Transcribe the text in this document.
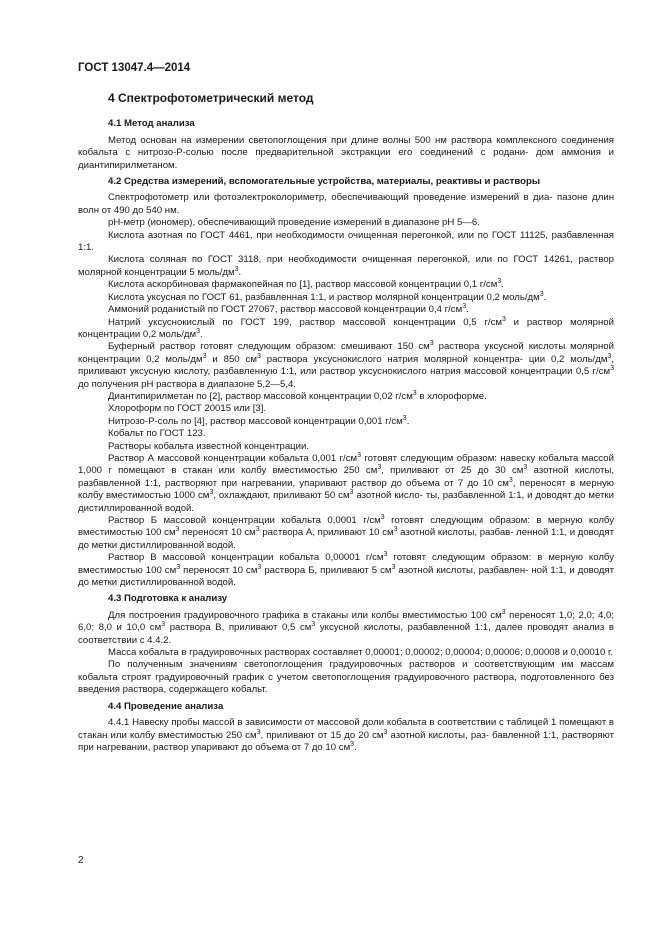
ГОСТ 13047.4—2014
4 Спектрофотометрический метод
4.1 Метод анализа

Метод основан на измерении светопоглощения при длине волны 500 нм раствора комплексного соединения кобальта с нитрозо-Р-солью после предварительной экстракции его соединений с родани- дом аммония и диантипирилметаном.

4.2 Средства измерений, вспомогательные устройства, материалы, реактивы и растворы

Спектрофотометр или фотоэлектроколориметр, обеспечивающий проведение измерений в диа- пазоне длин волн от 490 до 540 нм.

pH-метр (иономер), обеспечивающий проведение измерений в диапазоне pH 5—6.

Кислота азотная по ГОСТ 4461, при необходимости очищенная перегонкой, или по ГОСТ 11125, разбавленная 1:1.

Кислота соляная по ГОСТ 3118, при необходимости очищенная перегонкой, или по ГОСТ 14261, раствор молярной концентрации 5 моль/$дм^3$.

Кислота аскорбиновая фармакопейная по [1], раствор массовой концентрации 0,1 $г/см^3$.

Кислота уксусная по ГОСТ 61, разбавленная 1:1, и раствор молярной концентрации 0,2 моль/$дм^3$.

Аммоний роданистый по ГОСТ 27067, раствор массовой концентрации 0,4 $г/см^3$.

Натрий уксуснокислый по ГОСТ 199, раствор массовой концентрации 0,5 $г/см^3$ и раствор молярной концентрации 0,2 моль/$дм^3$.

Буферный раствор готовят следующим образом: смешивают 150 $см^3$ раствора уксусной кислоты молярной концентрации 0,2 моль/$дм^3$ и 850 $см^3$ раствора уксуснокислого натрия молярной концентра- ции 0,2 моль/$дм^3$, приливают уксусную кислоту, разбавленную 1:1, или раствор уксуснокислого натрия массовой концентрации 0,5 $г/см^3$ до получения pH раствора в диапазоне 5,2—5,4.

Диантипирилметан по [2], раствор массовой концентрации 0,02 $г/см^3$ в хлороформе.

Хлороформ по ГОСТ 20015 или [3].

Нитрозо-Р-соль по [4], раствор массовой концентрации 0,001 $г/см^3$.

Кобальт по ГОСТ 123.

Растворы кобальта известной концентрации.

Раствор А массовой концентрации кобальта 0,001 $г/см^3$ готовят следующим образом: навеску кобальта массой 1,000 г помещают в стакан или колбу вместимостью 250 $см^3$, приливают от 25 до 30 $см^3$ азотной кислоты, разбавленной 1:1, растворяют при нагревании, упаривают раствор до объема от 7 до 10 $см^3$, переносят в мерную колбу вместимостью 1000 $см^3$, охлаждают, приливают 50 $см^3$ азотной кисло- ты, разбавленной 1:1, и доводят до метки дистиллированной водой.

Раствор Б массовой концентрации кобальта 0,0001 $г/см^3$ готовят следующим образом: в мерную колбу вместимостью 100 $см^3$ переносят 10 $см^3$ раствора А, приливают 10 $см^3$ азотной кислоты, разбав- ленной 1:1, и доводят до метки дистиллированной водой.

Раствор В массовой концентрации кобальта 0,00001 $г/см^3$ готовят следующим образом: в мерную колбу вместимостью 100 $см^3$ переносят 10 $см^3$ раствора Б, приливают 5 $см^3$ азотной кислоты, разбавлен- ной 1:1, и доводят до метки дистиллированной водой.

4.3 Подготовка к анализу

Для построения градуировочного графика в стаканы или колбы вместимостью 100 $см^3$ переносят 1,0; 2,0; 4,0; 6,0; 8,0 и 10,0 $см^3$ раствора В, приливают 0,5 $см^3$ уксусной кислоты, разбавленной 1:1, далее проводят анализ в соответствии с 4.4.2.

Масса кобальта в градуировочных растворах составляет 0,00001; 0,00002; 0,00004; 0,00006; 0,00008 и 0,00010 г.

По полученным значениям светопоглощения градуировочных растворов и соответствующим им массам кобальта строят градуировочный график с учетом светопоглощения градуировочного раствора, подготовленного без введения раствора, содержащего кобальт.

4.4 Проведение анализа

4.4.1 Навеску пробы массой в зависимости от массовой доли кобальта в соответствии с таблицей 1 помещают в стакан или колбу вместимостью 250 $см^3$, приливают от 15 до 20 $см^3$ азотной кислоты, раз- бавленной 1:1, растворяют при нагревании, раствор упаривают до объема от 7 до 10 $см^3$.

2
